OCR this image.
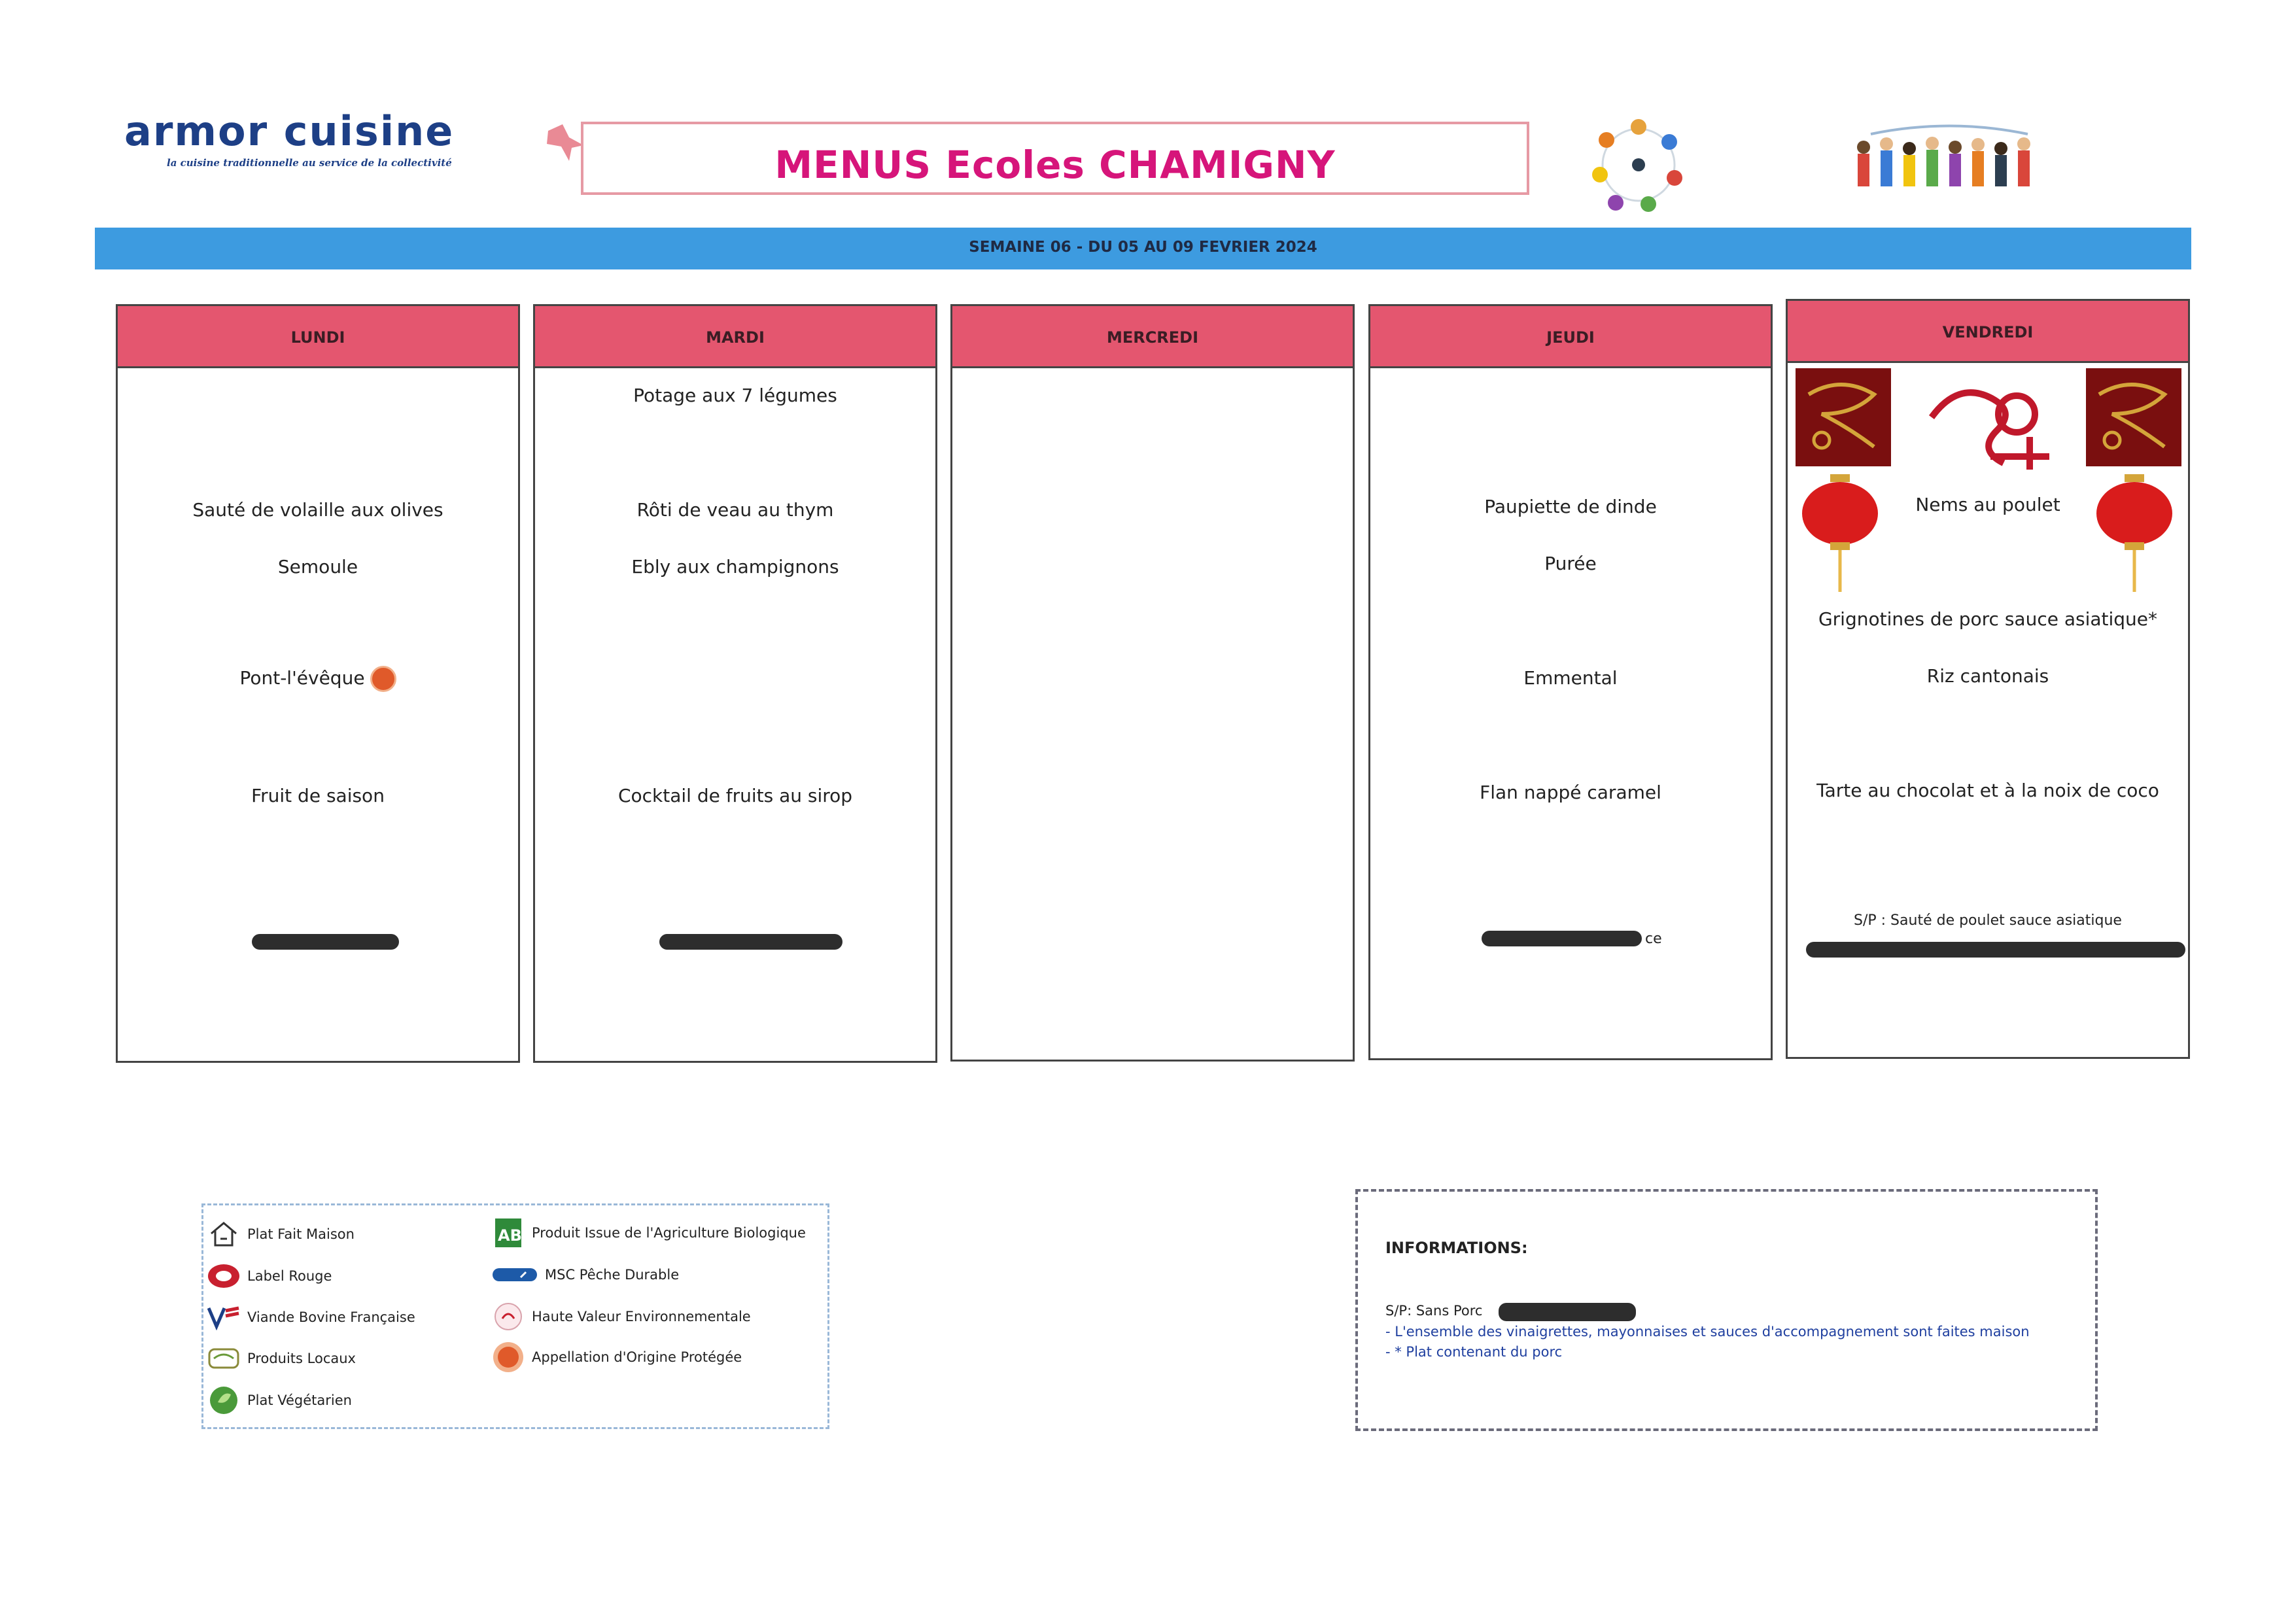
armor cuisine
la cuisine traditionnelle au service de la collectivité	MENUS Ecoles CHAMIGNY
SEMAINE 06 - DU 05 AU 09 FEVRIER 2024
LUNDI
Sauté de volaille aux olives
Semoule
Pont-l'évêque
Fruit de saison
MARDI
Potage aux 7 légumes
Rôti de veau au thym
Ebly aux champignons
Cocktail de fruits au sirop
MERCREDI	JEUDI
Paupiette de dinde
Purée
Emmental
Flan nappé caramel
ce
VENDREDI
Nems au poulet
Grignotines de porc sauce asiatique*
Riz cantonais
Tarte au chocolat et à la noix de coco
S/P : Sauté de poulet sauce asiatique
Plat Fait Maison
Label Rouge
Viande Bovine Française
Produits Locaux
Plat Végétarien
AB Produit Issue de l'Agriculture Biologique
MSC Pêche Durable
Haute Valeur Environnementale
Appellation d'Origine Protégée
INFORMATIONS:
S/P: Sans Porc
- L'ensemble des vinaigrettes, mayonnaises et sauces d'accompagnement sont faites maison
- * Plat contenant du porc
